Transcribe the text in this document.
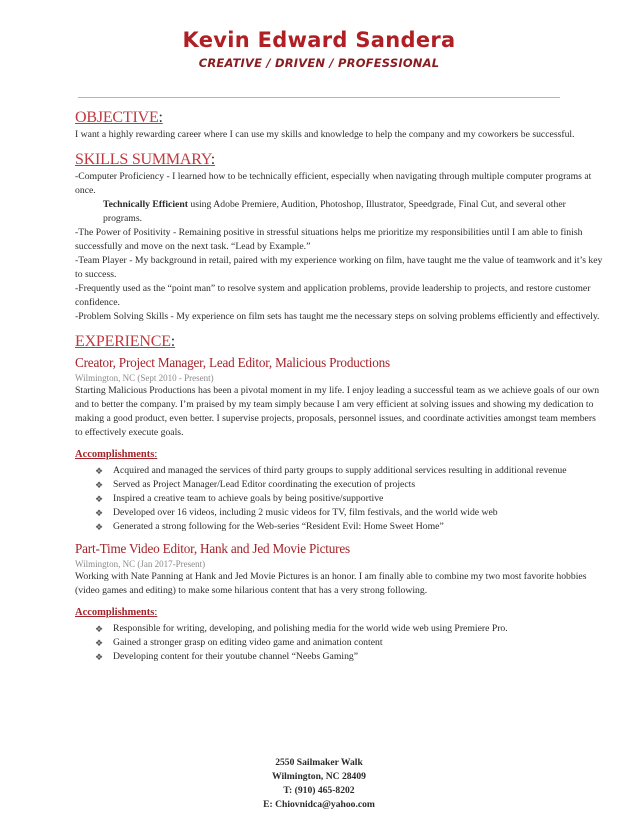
Kevin Edward Sandera
CREATIVE / DRIVEN / PROFESSIONAL
OBJECTIVE:

I want a highly rewarding career where I can use my skills and knowledge to help the company and my coworkers be successful.

SKILLS SUMMARY:

-Computer Proficiency - I learned how to be technically efficient, especially when navigating through multiple computer programs at once.

Technically Efficient using Adobe Premiere, Audition, Photoshop, Illustrator, Speedgrade, Final Cut, and several other programs.

-The Power of Positivity - Remaining positive in stressful situations helps me prioritize my responsibilities until I am able to finish successfully and move on the next task. “Lead by Example.”

-Team Player - My background in retail, paired with my experience working on film, have taught me the value of teamwork and it’s key to success.

-Frequently used as the “point man” to resolve system and application problems, provide leadership to projects, and restore customer confidence.

-Problem Solving Skills - My experience on film sets has taught me the necessary steps on solving problems efficiently and effectively.

EXPERIENCE:
Creator, Project Manager, Lead Editor, Malicious Productions
Wilmington, NC (Sept 2010 - Present)

Starting Malicious Productions has been a pivotal moment in my life. I enjoy leading a successful team as we achieve goals of our own and to better the company. I’m praised by my team simply because I am very efficient at solving issues and showing my dedication to making a good product, even better. I supervise projects, proposals, personnel issues, and coordinate activities amongst team members to effectively execute goals.

Accomplishments:
❖ Acquired and managed the services of third party groups to supply additional services resulting in additional revenue
❖ Served as Project Manager/Lead Editor coordinating the execution of projects
❖ Inspired a creative team to achieve goals by being positive/supportive
❖ Developed over 16 videos, including 2 music videos for TV, film festivals, and the world wide web
❖ Generated a strong following for the Web-series “Resident Evil: Home Sweet Home”
Part-Time Video Editor, Hank and Jed Movie Pictures
Wilmington, NC (Jan 2017-Present)

Working with Nate Panning at Hank and Jed Movie Pictures is an honor. I am finally able to combine my two most favorite hobbies (video games and editing) to make some hilarious content that has a very strong following.

Accomplishments:
❖ Responsible for writing, developing, and polishing media for the world wide web using Premiere Pro.
❖ Gained a stronger grasp on editing video game and animation content
❖ Developing content for their youtube channel “Neebs Gaming”
2550 Sailmaker Walk
Wilmington, NC 28409
T: (910) 465-8202
E: Chiovnidca@yahoo.com
